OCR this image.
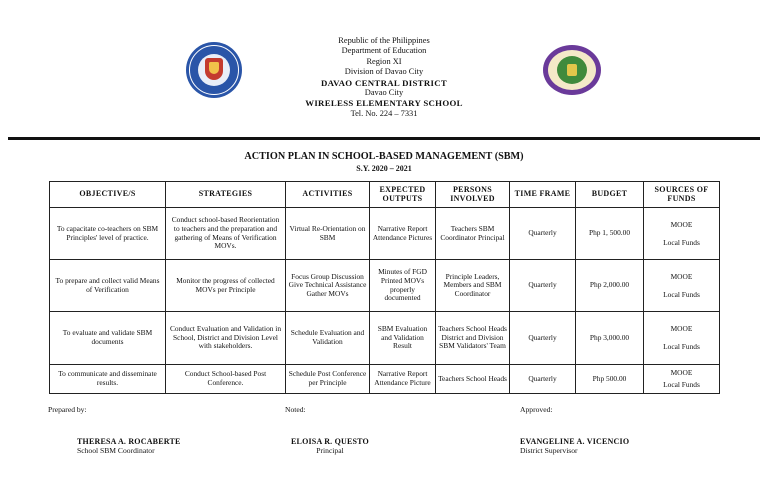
Republic of the Philippines
Department of Education
Region XI
Division of Davao City
DAVAO CENTRAL DISTRICT
Davao City
WIRELESS ELEMENTARY SCHOOL
Tel. No. 224 – 7331
ACTION PLAN IN SCHOOL-BASED MANAGEMENT (SBM)
S.Y. 2020 – 2021
OBJECTIVE/S	STRATEGIES	ACTIVITIES	EXPECTED OUTPUTS	PERSONS INVOLVED	TIME FRAME	BUDGET	SOURCES OF FUNDS
To capacitate co-teachers on SBM Principles' level of practice.	Conduct school-based Reorientation to teachers and the preparation and gathering of Means of Verification MOVs.	Virtual Re-Orientation on SBM	Narrative Report Attendance Pictures	Teachers SBM Coordinator Principal	Quarterly	Php 1, 500.00	MOOE
Local Funds
To prepare and collect valid Means of Verification	Monitor the progress of collected MOVs per Principle	Focus Group Discussion Give Technical Assistance Gather MOVs	Minutes of FGD Printed MOVs properly documented	Principle Leaders, Members and SBM Coordinator	Quarterly	Php 2,000.00	MOOE
Local Funds
To evaluate and validate SBM documents	Conduct Evaluation and Validation in School, District and Division Level with stakeholders.	Schedule Evaluation and Validation	SBM Evaluation and Validation Result	Teachers School Heads District and Division SBM Validators' Team	Quarterly	Php 3,000.00	MOOE
Local Funds
To communicate and disseminate results.	Conduct School-based Post Conference.	Schedule Post Conference per Principle	Narrative Report Attendance Picture	Teachers School Heads	Quarterly	Php 500.00	MOOE
Local Funds
Prepared by:	Noted:	Approved:
THERESA A. ROCABERTE
School SBM Coordinator
ELOISA R. QUESTO
Principal
EVANGELINE A. VICENCIO
District Supervisor
